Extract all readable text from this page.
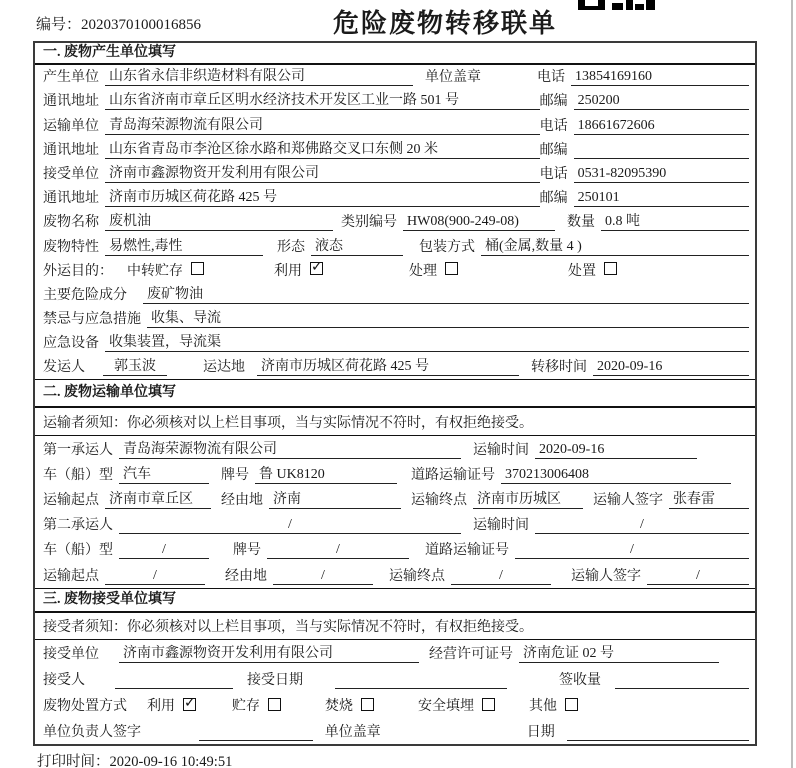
编号：2020370100016856	危险废物转移联单
一. 废物产生单位填写
产生单位 山东省永信非织造材料有限公司	单位盖章	电话 13854169160
通讯地址 山东省济南市章丘区明水经济技术开发区工业一路 501 号	邮编 250200
运输单位 青岛海荣源物流有限公司	电话 18661672606
通讯地址 山东省青岛市李沧区徐水路和郑佛路交叉口东侧 20 米	邮编
接受单位 济南市鑫源物资开发利用有限公司	电话 0531-82095390
通讯地址 济南市历城区荷花路 425 号	邮编 250101
废物名称 废机油	类别编号 HW08(900-249-08)	数量 0.8 吨
废物特性 易燃性,毒性	形态 液态	包装方式 桶(金属,数量 4 )
外运目的： 中转贮存	利用 ✓	处理	处置
主要危险成分 废矿物油
禁忌与应急措施 收集、导流
应急设备 收集装置，导流渠
发运人	郭玉波	运达地 济南市历城区荷花路 425 号	转移时间 2020-09-16
二. 废物运输单位填写
运输者须知：你必须核对以上栏目事项，当与实际情况不符时，有权拒绝接受。
第一承运人 青岛海荣源物流有限公司	运输时间 2020-09-16
车（船）型 汽车	牌号 鲁 UK8120	道路运输证号 370213006408
运输起点 济南市章丘区	经由地 济南	运输终点 济南市历城区	运输人签字 张春雷
第二承运人	/	运输时间	/
车（船）型	/	牌号	/	道路运输证号	/
运输起点	/	经由地	/	运输终点	/	运输人签字	/
三. 废物接受单位填写
接受者须知：你必须核对以上栏目事项，当与实际情况不符时，有权拒绝接受。
接受单位 济南市鑫源物资开发利用有限公司	经营许可证号 济南危证 02 号
接受人	接受日期	签收量
废物处置方式 利用 ✓	贮存	焚烧	安全填埋	其他
单位负责人签字	单位盖章	日期
打印时间：2020-09-16 10:49:51
